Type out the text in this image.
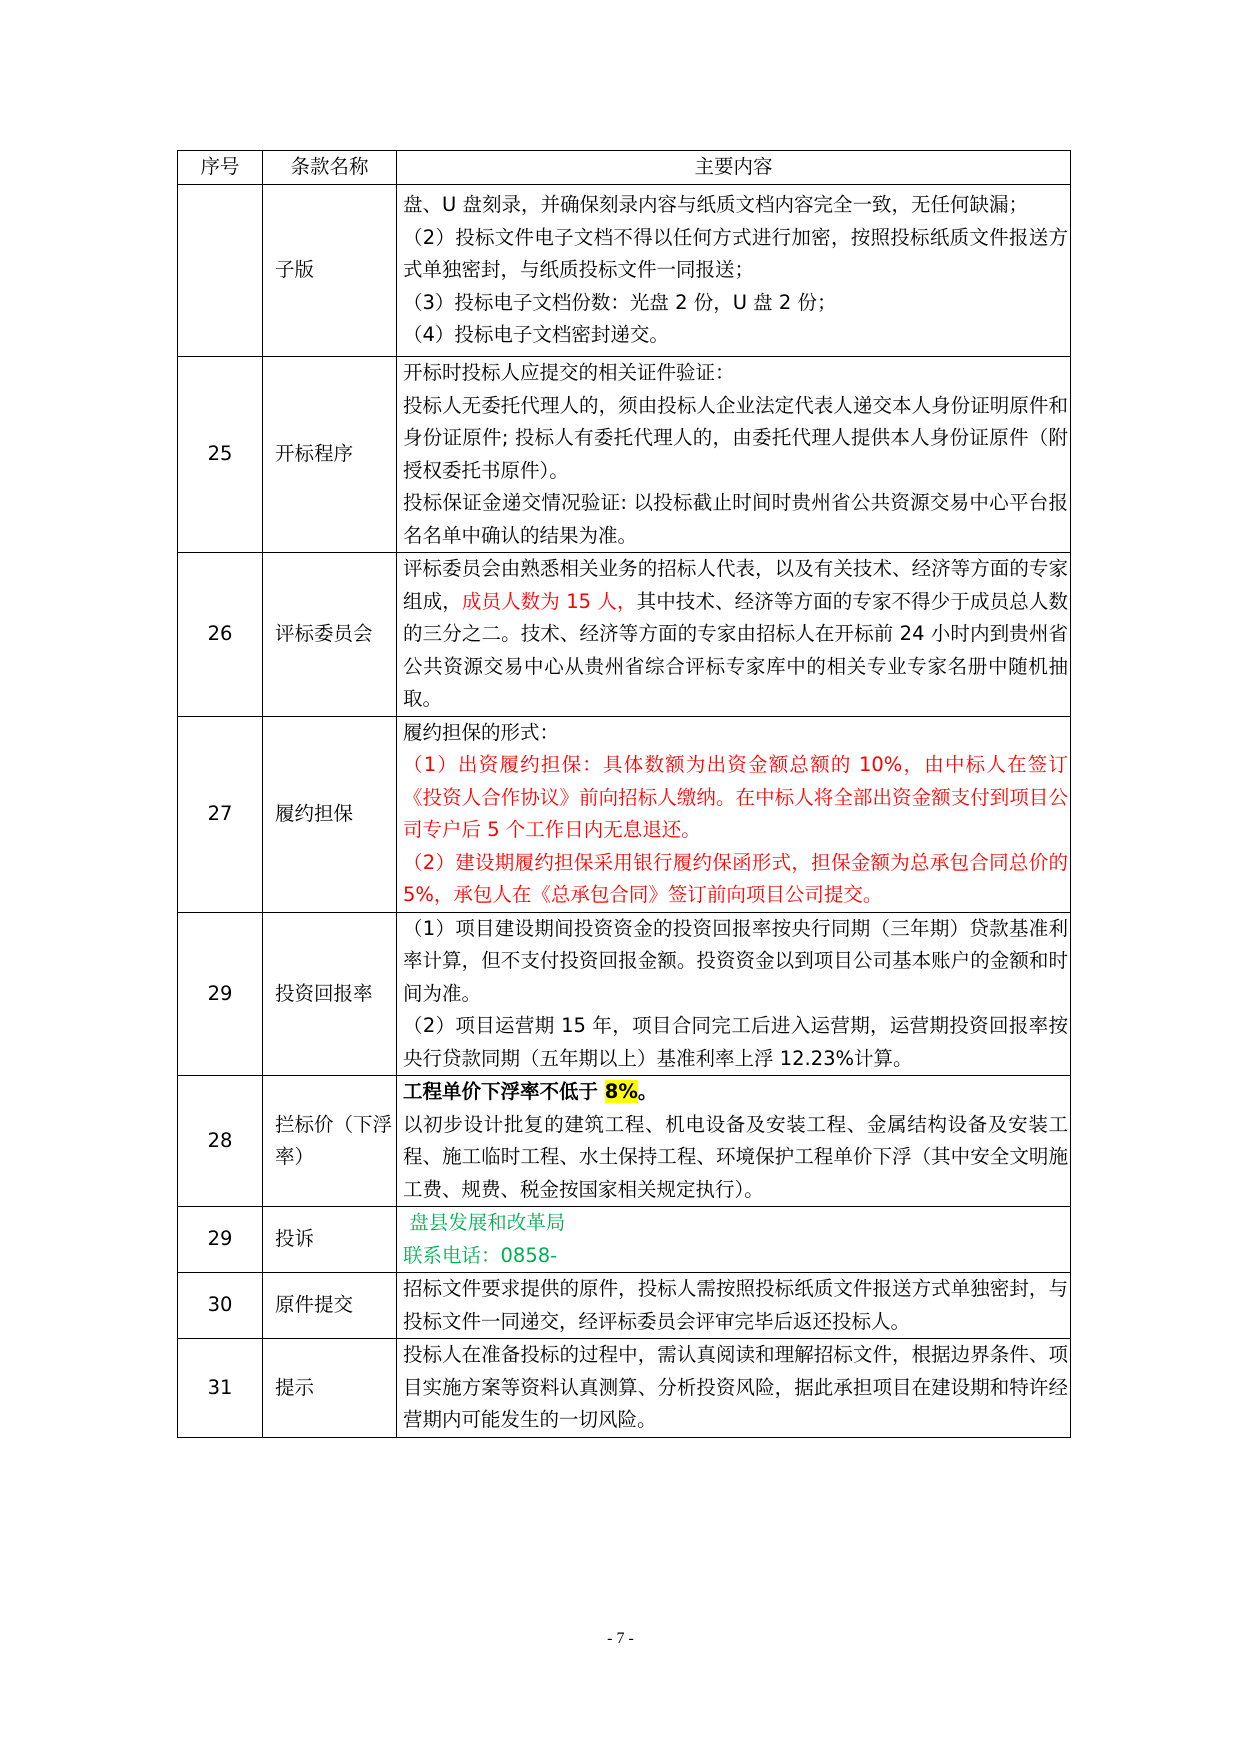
序号	条款名称	主要内容
	子版	盘、U 盘刻录，并确保刻录内容与纸质文档内容完全一致，无任何缺漏；

（2）投标文件电子文档不得以任何方式进行加密，按照投标纸质文件报送方式单独密封，与纸质投标文件一同报送；

（3）投标电子文档份数：光盘 2 份，U 盘 2 份；

（4）投标电子文档密封递交。

25	开标程序	开标时投标人应提交的相关证件验证：

投标人无委托代理人的，须由投标人企业法定代表人递交本人身份证明原件和身份证原件; 投标人有委托代理人的，由委托代理人提供本人身份证原件（附授权委托书原件）。

投标保证金递交情况验证: 以投标截止时间时贵州省公共资源交易中心平台报名名单中确认的结果为准。

26	评标委员会	评标委员会由熟悉相关业务的招标人代表，以及有关技术、经济等方面的专家组成，成员人数为 15 人，其中技术、经济等方面的专家不得少于成员总人数的三分之二。技术、经济等方面的专家由招标人在开标前 24 小时内到贵州省公共资源交易中心从贵州省综合评标专家库中的相关专业专家名册中随机抽取。
27	履约担保	履约担保的形式：

（1）出资履约担保：具体数额为出资金额总额的 10%，由中标人在签订《投资人合作协议》前向招标人缴纳。在中标人将全部出资金额支付到项目公司专户后 5 个工作日内无息退还。

（2）建设期履约担保采用银行履约保函形式，担保金额为总承包合同总价的 5%，承包人在《总承包合同》签订前向项目公司提交。

29	投资回报率	（1）项目建设期间投资资金的投资回报率按央行同期（三年期）贷款基准利率计算，但不支付投资回报金额。投资资金以到项目公司基本账户的金额和时间为准。

（2）项目运营期 15 年，项目合同完工后进入运营期，运营期投资回报率按央行贷款同期（五年期以上）基准利率上浮 12.23%计算。

28	拦标价（下浮率）	工程单价下浮率不低于 8%。

以初步设计批复的建筑工程、机电设备及安装工程、金属结构设备及安装工程、施工临时工程、水土保持工程、环境保护工程单价下浮（其中安全文明施工费、规费、税金按国家相关规定执行）。

29	投诉	盘县发展和改革局

联系电话：0858-

30	原件提交	招标文件要求提供的原件，投标人需按照投标纸质文件报送方式单独密封，与投标文件一同递交，经评标委员会评审完毕后返还投标人。
31	提示	投标人在准备投标的过程中，需认真阅读和理解招标文件，根据边界条件、项目实施方案等资料认真测算、分析投资风险，据此承担项目在建设期和特许经营期内可能发生的一切风险。
- 7 -
